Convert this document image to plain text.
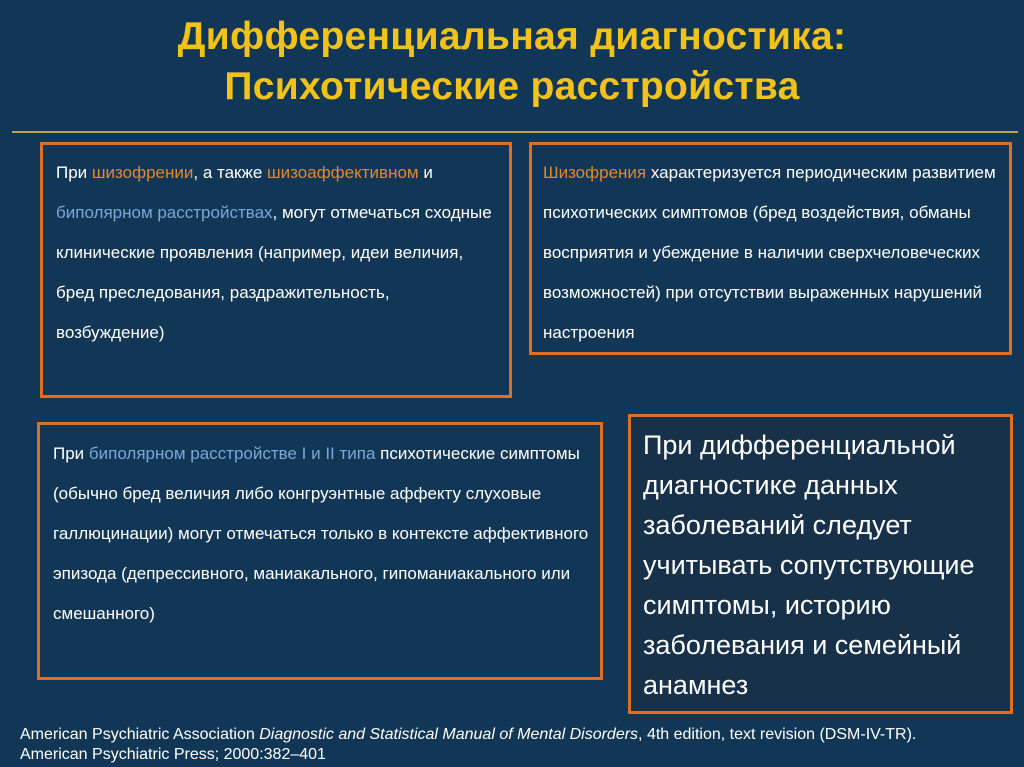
Дифференциальная диагностика:
Психотические расстройства
При шизофрении, а также шизоаффективном и биполярном расстройствах, могут отмечаться сходные клинические проявления (например, идеи величия, бред преследования, раздражительность, возбуждение)
Шизофрения характеризуется периодическим развитием психотических симптомов (бред воздействия, обманы восприятия и убеждение в наличии сверхчеловеческих возможностей) при отсутствии выраженных нарушений настроения
При биполярном расстройстве I и II типа психотические симптомы (обычно бред величия либо конгруэнтные аффекту слуховые галлюцинации) могут отмечаться только в контексте аффективного эпизода (депрессивного, маниакального, гипоманиакального или смешанного)
При дифференциальной диагностике данных заболеваний следует учитывать сопутствующие симптомы, историю заболевания и семейный анамнез
American Psychiatric Association Diagnostic and Statistical Manual of Mental Disorders, 4th edition, text revision (DSM-IV-TR).
American Psychiatric Press; 2000:382–401
